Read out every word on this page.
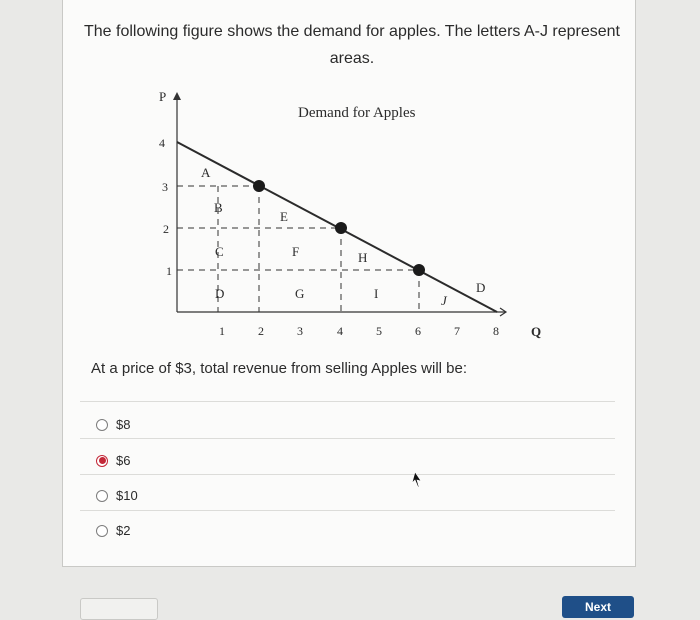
The following figure shows the demand for apples. The letters A-J represent areas.
Demand for Apples
P
Q
4
3
2
1
1	2	3	4	5	6	7	8
A
B
C
D
E
F
G
H
I	J
D
At a price of $3, total revenue from selling Apples will be:
$8
$6
$10
$2
Next
